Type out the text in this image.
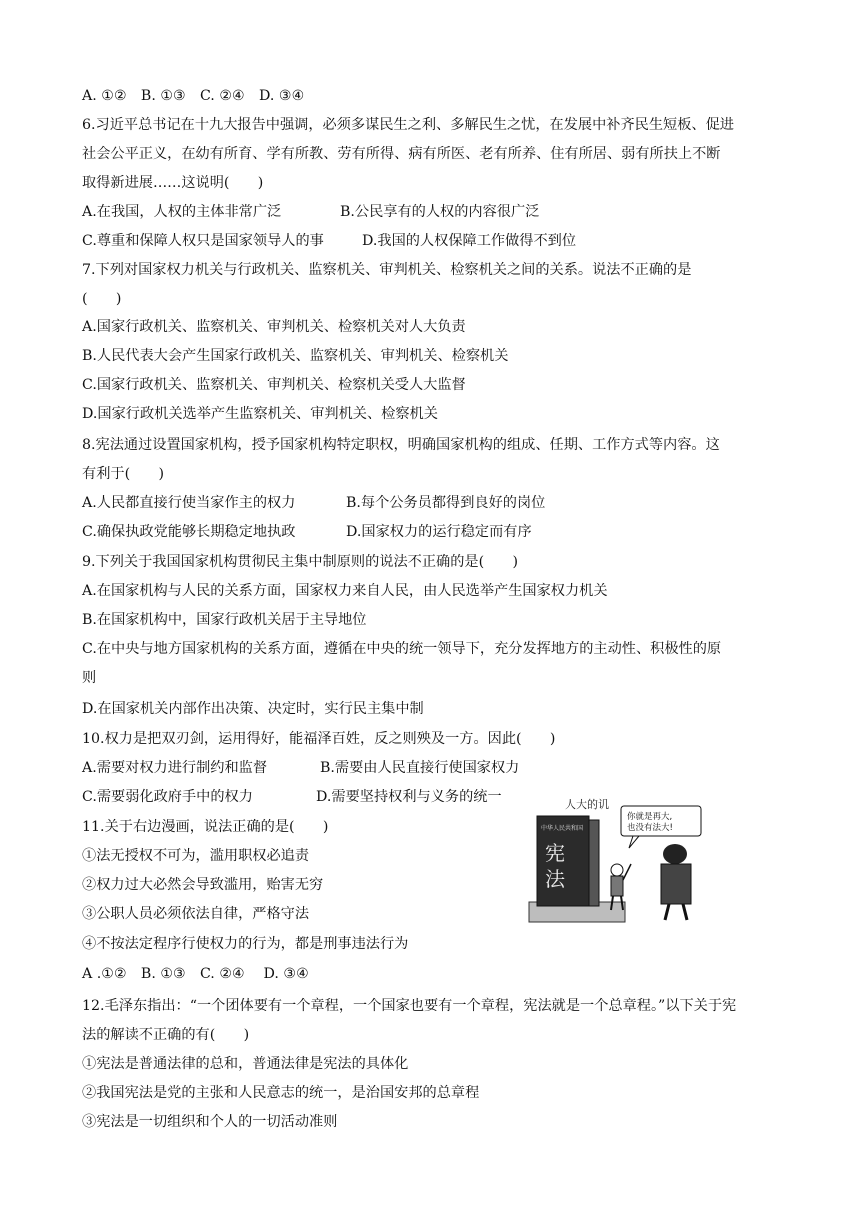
A. ①②　B. ①③　C. ②④　D. ③④
6.习近平总书记在十九大报告中强调，必须多谋民生之利、多解民生之忧，在发展中补齐民生短板、促进
社会公平正义，在幼有所育、学有所教、劳有所得、病有所医、老有所养、住有所居、弱有所扶上不断
取得新进展……这说明(　　)
A.在我国，人权的主体非常广泛	B.公民享有的人权的内容很广泛
C.尊重和保障人权只是国家领导人的事	D.我国的人权保障工作做得不到位
7.下列对国家权力机关与行政机关、监察机关、审判机关、检察机关之间的关系。说法不正确的是
(　　)
A.国家行政机关、监察机关、审判机关、检察机关对人大负责
B.人民代表大会产生国家行政机关、监察机关、审判机关、检察机关
C.国家行政机关、监察机关、审判机关、检察机关受人大监督
D.国家行政机关选举产生监察机关、审判机关、检察机关
8.宪法通过设置国家机构，授予国家机构特定职权，明确国家机构的组成、任期、工作方式等内容。这
有利于(　　)
A.人民都直接行使当家作主的权力	B.每个公务员都得到良好的岗位
C.确保执政党能够长期稳定地执政	D.国家权力的运行稳定而有序
9.下列关于我国国家机构贯彻民主集中制原则的说法不正确的是(　　)
A.在国家机构与人民的关系方面，国家权力来自人民，由人民选举产生国家权力机关
B.在国家机构中，国家行政机关居于主导地位
C.在中央与地方国家机构的关系方面，遵循在中央的统一领导下，充分发挥地方的主动性、积极性的原
则
D.在国家机关内部作出决策、决定时，实行民主集中制
10.权力是把双刃剑，运用得好，能福泽百姓，反之则殃及一方。因此(　　)
A.需要对权力进行制约和监督	B.需要由人民直接行使国家权力
C.需要弱化政府手中的权力	D.需要坚持权利与义务的统一
11.关于右边漫画，说法正确的是(　　)
①法无授权不可为，滥用职权必追责
②权力过大必然会导致滥用，贻害无穷
③公职人员必须依法自律，严格守法
④不按法定程序行使权力的行为，都是刑事违法行为
A .①②　B. ①③　C. ②④　 D. ③④
人大的讥
中华人民共和国
宪
法
你就是再大,
也没有法大!
12.毛泽东指出：“一个团体要有一个章程，一个国家也要有一个章程，宪法就是一个总章程。”以下关于宪
法的解读不正确的有(　　)
①宪法是普通法律的总和，普通法律是宪法的具体化
②我国宪法是党的主张和人民意志的统一，是治国安邦的总章程
③宪法是一切组织和个人的一切活动准则
